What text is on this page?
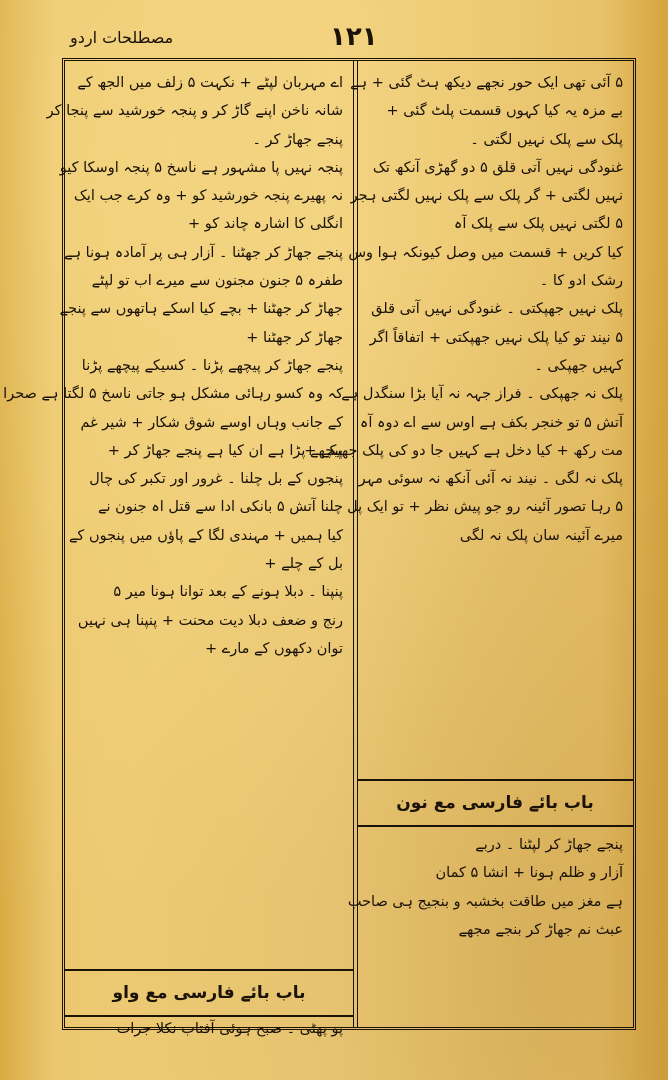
مصطلحات اردو	۱۲۱
۵ آئی تھی ایک حور نجھے دیکھ ہٹ گئی + ہے
بے مزہ یہ کیا کہوں قسمت پلٹ گئی +
پلک سے پلک نہیں لگتی ۔
غنودگی نہیں آتی قلق ۵ دو گھڑی آنکھ تک
نہیں لگتی + گر پلک سے پلک نہیں لگتی ہجر
۵ لگتی نہیں پلک سے پلک آہ
کیا کریں + قسمت میں وصل کیونکہ ہوا وس
رشک ادو کا ۔
پلک نہیں جھپکتی ۔ غنودگی نہیں آتی قلق
۵ نیند تو کیا پلک نہیں جھپکتی + اتفاقاً اگر
کہیں جھپکی ۔
پلک نہ جھپکی ۔ فراز جہہ نہ آیا بڑا سنگدل ہے
آتش ۵ تو خنجر بکف ہے اوس سے اے دوہ آہ
مت رکھ + کیا دخل ہے کہیں جا دو کی پلک جھپکے +
پلک نہ لگی ۔ نیند نہ آئی آنکھ نہ سوئی مہر
۵ رہا تصور آئینہ رو جو پیش نظر + تو ایک پل
میرے آئینہ سان پلک نہ لگی
باب بائے فارسی مع نون
پنجے جھاڑ کر لپٹنا ۔ دربے
آزار و ظلم ہونا + انشا ۵ کمان
ہے مغز میں طاقت بخشبہ و بنجیج ہی صاحب
عبث نم جھاڑ کر بنجے مجھے
اے مہربان لپٹے + نکہت ۵ زلف میں الجھ کے
شانہ ناخن اپنے گاڑ کر و پنجہ خورشید سے پنجا کر
پنجے جھاڑ کر ۔
پنجہ نہیں پا مشہور ہے ناسخ ۵ پنجہ اوسکا کیو
نہ پھیرے پنجہ خورشید کو + وہ کرے جب ایک
انگلی کا اشارہ چاند کو +
پنجے جھاڑ کر جھٹنا ۔ آزار ہی پر آمادہ ہونا ہے
طفرہ ۵ جنون مجنون سے میرے اب تو لپٹے
جھاڑ کر جھٹنا + بچے کیا اسکے ہاتھوں سے پنجے
جھاڑ کر جھٹنا +
پنجے جھاڑ کر پیچھے پڑنا ۔ کسیکے پیچھے پڑنا
کہ وہ کسو رہائی مشکل ہو جاتی ناسخ ۵ لگتا ہے صحرا
کے جانب وہاں اوسے شوق شکار + شیر غم
پیچھے پڑا ہے ان کیا ہے پنجے جھاڑ کر +
پنجوں کے بل چلنا ۔ غرور اور تکبر کی چال
چلنا آتش ۵ بانکی ادا سے قتل اہ جنون نے
کیا ہمیں + مہندی لگا کے پاؤں میں پنجوں کے
بل کے چلے +
پنپنا ۔ دبلا ہونے کے بعد توانا ہونا میر ۵
رنج و ضعف دبلا دیت محنت + پنپنا ہی نہیں
توان دکھوں کے مارے +
باب بائے فارسی مع واو
پو پھٹی ۔ صبح ہوئی آفتاب نکلا جرات
